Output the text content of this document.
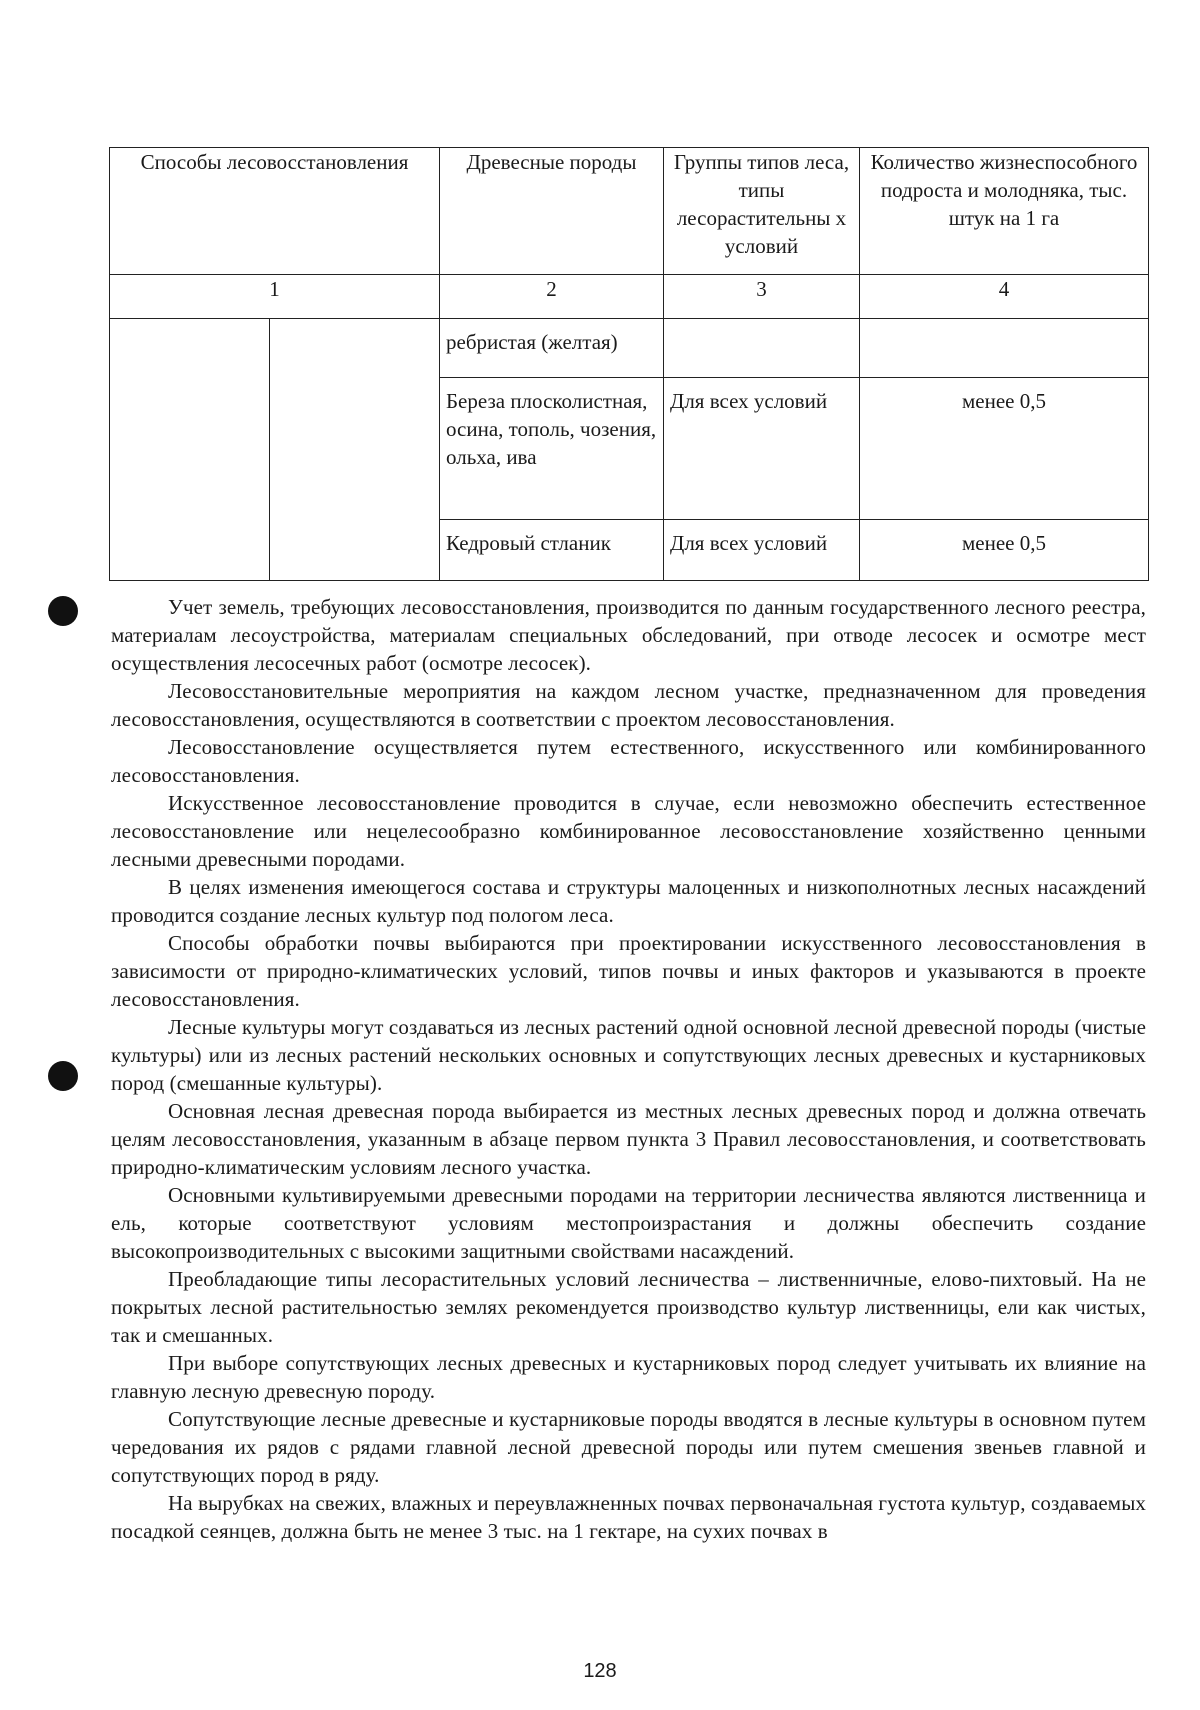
Способы лесовосстановления		Древесные породы	Группы типов леса, типы лесорастительны х условий	Количество жизнеспособного подроста и молодняка, тыс. штук на 1 га
1		2	3	4
		ребристая (желтая)		
		Береза плосколистная, осина, тополь, чозения, ольха, ива	Для всех условий	менее 0,5
		Кедровый стланик	Для всех условий	менее 0,5

Учет земель, требующих лесовосстановления, производится по данным государственного лесного реестра, материалам лесоустройства, материалам специальных обследований, при отводе лесосек и осмотре мест осуществления лесосечных работ (осмотре лесосек).

Лесовосстановительные мероприятия на каждом лесном участке, предназначенном для проведения лесовосстановления, осуществляются в соответствии с проектом лесовосстановления.

Лесовосстановление осуществляется путем естественного, искусственного или комбинированного лесовосстановления.

Искусственное лесовосстановление проводится в случае, если невозможно обеспечить естественное лесовосстановление или нецелесообразно комбинированное лесовосстановление хозяйственно ценными лесными древесными породами.

В целях изменения имеющегося состава и структуры малоценных и низкополнотных лесных насаждений проводится создание лесных культур под пологом леса.

Способы обработки почвы выбираются при проектировании искусственного лесовосстановления в зависимости от природно-климатических условий, типов почвы и иных факторов и указываются в проекте лесовосстановления.

Лесные культуры могут создаваться из лесных растений одной основной лесной древесной породы (чистые культуры) или из лесных растений нескольких основных и сопутствующих лесных древесных и кустарниковых пород (смешанные культуры).

Основная лесная древесная порода выбирается из местных лесных древесных пород и должна отвечать целям лесовосстановления, указанным в абзаце первом пункта 3 Правил лесовосстановления, и соответствовать природно-климатическим условиям лесного участка.

Основными культивируемыми древесными породами на территории лесничества являются лиственница и ель, которые соответствуют условиям местопроизрастания и должны обеспечить создание высокопроизводительных с высокими защитными свойствами насаждений.

Преобладающие типы лесорастительных условий лесничества – лиственничные, елово-пихтовый. На не покрытых лесной растительностью землях рекомендуется производство культур лиственницы, ели как чистых, так и смешанных.

При выборе сопутствующих лесных древесных и кустарниковых пород следует учитывать их влияние на главную лесную древесную породу.

Сопутствующие лесные древесные и кустарниковые породы вводятся в лесные культуры в основном путем чередования их рядов с рядами главной лесной древесной породы или путем смешения звеньев главной и сопутствующих пород в ряду.

На вырубках на свежих, влажных и переувлажненных почвах первоначальная густота культур, создаваемых посадкой сеянцев, должна быть не менее 3 тыс. на 1 гектаре, на сухих почвах в

128
